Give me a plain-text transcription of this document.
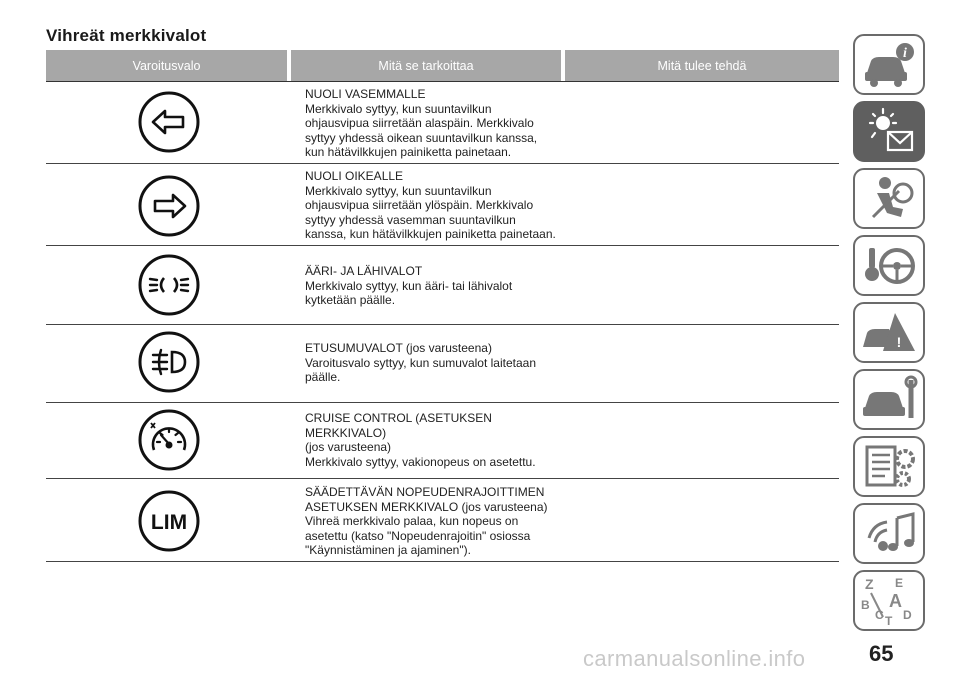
Vihreät merkkivalot
Varoitusvalo	Mitä se tarkoittaa	Mitä tulee tehdä
NUOLI VASEMMALLE
Merkkivalo syttyy, kun suuntavilkun
ohjausvipua siirretään alaspäin. Merkkivalo
syttyy yhdessä oikean suuntavilkun kanssa,
kun hätävilkkujen painiketta painetaan.
NUOLI OIKEALLE
Merkkivalo syttyy, kun suuntavilkun
ohjausvipua siirretään ylöspäin. Merkkivalo
syttyy yhdessä vasemman suuntavilkun
kanssa, kun hätävilkkujen painiketta painetaan.
ÄÄRI- JA LÄHIVALOT
Merkkivalo syttyy, kun ääri- tai lähivalot
kytketään päälle.
ETUSUMUVALOT (jos varusteena)
Varoitusvalo syttyy, kun sumuvalot laitetaan
päälle.
CRUISE CONTROL (ASETUKSEN
MERKKIVALO)
(jos varusteena)
Merkkivalo syttyy, vakionopeus on asetettu.
LIM
SÄÄDETTÄVÄN NOPEUDENRAJOITTIMEN
ASETUKSEN MERKKIVALO (jos varusteena)
Vihreä merkkivalo palaa, kun nopeus on
asetettu (katso "Nopeudenrajoitin" osiossa
"Käynnistäminen ja ajaminen").
i
!
Z E
A
B
C T D
65
carmanualsonline.info
